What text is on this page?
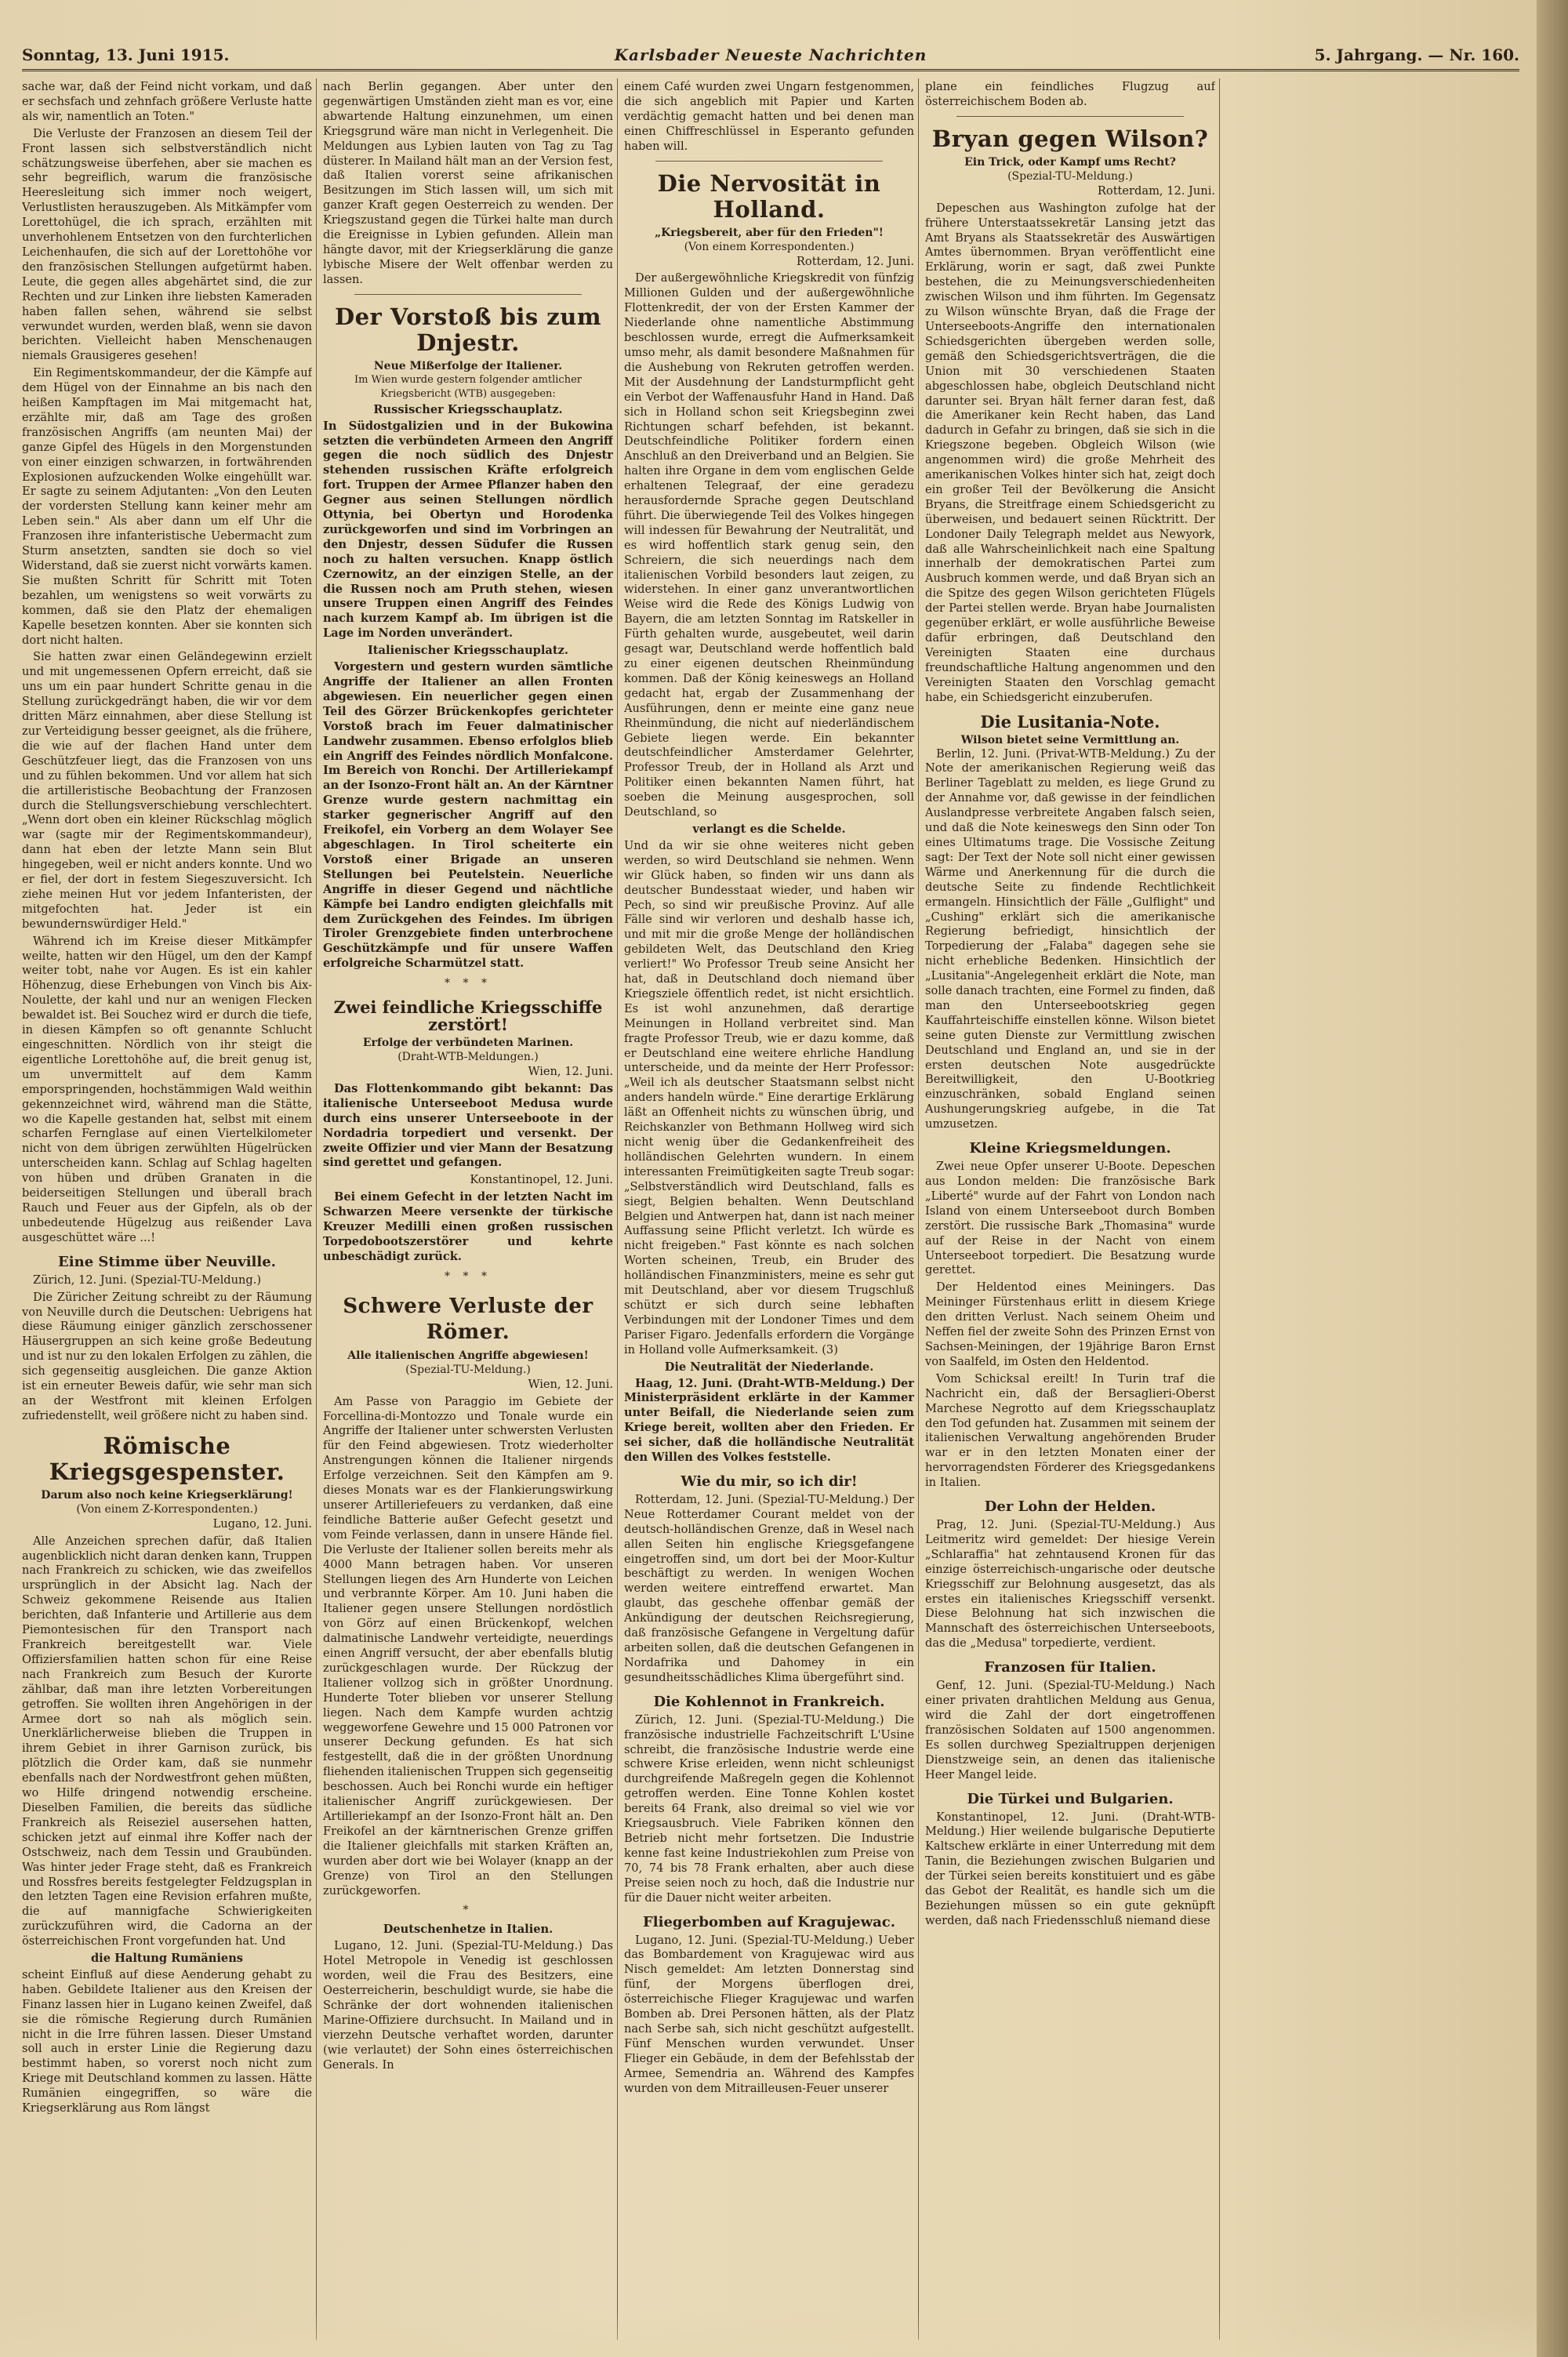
Sonntag, 13. Juni 1915.	Karlsbader Neueste Nachrichten	5. Jahrgang. — Nr. 160.

sache war, daß der Feind nicht vorkam, und daß er sechsfach und zehnfach größere Verluste hatte als wir, namentlich an Toten."

Die Verluste der Franzosen an diesem Teil der Front lassen sich selbstverständlich nicht schätzungsweise überfehen, aber sie machen es sehr begreiflich, warum die französische Heeresleitung sich immer noch weigert, Verlustlisten herauszugeben. Als Mitkämpfer vom Lorettohügel, die ich sprach, erzählten mit unverhohlenem Entsetzen von den furchterlichen Leichenhaufen, die sich auf der Lorettohöhe vor den französischen Stellungen aufgetürmt haben. Leute, die gegen alles abgehärtet sind, die zur Rechten und zur Linken ihre liebsten Kameraden haben fallen sehen, während sie selbst verwundet wurden, werden blaß, wenn sie davon berichten. Vielleicht haben Menschenaugen niemals Grausigeres gesehen!

Ein Regimentskommandeur, der die Kämpfe auf dem Hügel von der Einnahme an bis nach den heißen Kampftagen im Mai mitgemacht hat, erzählte mir, daß am Tage des großen französischen Angriffs (am neunten Mai) der ganze Gipfel des Hügels in den Morgenstunden von einer einzigen schwarzen, in fortwährenden Explosionen aufzuckenden Wolke eingehüllt war. Er sagte zu seinem Adjutanten: „Von den Leuten der vordersten Stellung kann keiner mehr am Leben sein." Als aber dann um elf Uhr die Franzosen ihre infanteristische Uebermacht zum Sturm ansetzten, sandten sie doch so viel Widerstand, daß sie zuerst nicht vorwärts kamen. Sie mußten Schritt für Schritt mit Toten bezahlen, um wenigstens so weit vorwärts zu kommen, daß sie den Platz der ehemaligen Kapelle besetzen konnten. Aber sie konnten sich dort nicht halten.

Sie hatten zwar einen Geländegewinn erzielt und mit ungemessenen Opfern erreicht, daß sie uns um ein paar hundert Schritte genau in die Stellung zurückgedrängt haben, die wir vor dem dritten März einnahmen, aber diese Stellung ist zur Verteidigung besser geeignet, als die frühere, die wie auf der flachen Hand unter dem Geschützfeuer liegt, das die Franzosen von uns und zu fühlen bekommen. Und vor allem hat sich die artilleristische Beobachtung der Franzosen durch die Stellungsverschiebung verschlechtert. „Wenn dort oben ein kleiner Rückschlag möglich war (sagte mir der Regimentskommandeur), dann hat eben der letzte Mann sein Blut hingegeben, weil er nicht anders konnte. Und wo er fiel, der dort in festem Siegeszuversicht. Ich ziehe meinen Hut vor jedem Infanteristen, der mitgefochten hat. Jeder ist ein bewundernswürdiger Held."

Während ich im Kreise dieser Mitkämpfer weilte, hatten wir den Hügel, um den der Kampf weiter tobt, nahe vor Augen. Es ist ein kahler Höhenzug, diese Erhebungen von Vinch bis Aix-Noulette, der kahl und nur an wenigen Flecken bewaldet ist. Bei Souchez wird er durch die tiefe, in diesen Kämpfen so oft genannte Schlucht eingeschnitten. Nördlich von ihr steigt die eigentliche Lorettohöhe auf, die breit genug ist, um unvermittelt auf dem Kamm emporspringenden, hochstämmigen Wald weithin gekennzeichnet wird, während man die Stätte, wo die Kapelle gestanden hat, selbst mit einem scharfen Fernglase auf einen Viertelkilometer nicht von dem übrigen zerwühlten Hügelrücken unterscheiden kann. Schlag auf Schlag hagelten von hüben und drüben Granaten in die beiderseitigen Stellungen und überall brach Rauch und Feuer aus der Gipfeln, als ob der unbedeutende Hügelzug aus reißender Lava ausgeschüttet wäre ...!

Eine Stimme über Neuville.

Zürich, 12. Juni. (Spezial-TU-Meldung.)

Die Züricher Zeitung schreibt zu der Räumung von Neuville durch die Deutschen: Uebrigens hat diese Räumung einiger gänzlich zerschossener Häusergruppen an sich keine große Bedeutung und ist nur zu den lokalen Erfolgen zu zählen, die sich gegenseitig ausgleichen. Die ganze Aktion ist ein erneuter Beweis dafür, wie sehr man sich an der Westfront mit kleinen Erfolgen zufriedenstellt, weil größere nicht zu haben sind.

Römische Kriegsgespenster.
Darum also noch keine Kriegserklärung!
(Von einem Z-Korrespondenten.)
Lugano, 12. Juni.

Alle Anzeichen sprechen dafür, daß Italien augenblicklich nicht daran denken kann, Truppen nach Frankreich zu schicken, wie das zweifellos ursprünglich in der Absicht lag. Nach der Schweiz gekommene Reisende aus Italien berichten, daß Infanterie und Artillerie aus dem Piemontesischen für den Transport nach Frankreich bereitgestellt war. Viele Offiziersfamilien hatten schon für eine Reise nach Frankreich zum Besuch der Kurorte zählbar, daß man ihre letzten Vorbereitungen getroffen. Sie wollten ihren Angehörigen in der Armee dort so nah als möglich sein. Unerklärlicherweise blieben die Truppen in ihrem Gebiet in ihrer Garnison zurück, bis plötzlich die Order kam, daß sie nunmehr ebenfalls nach der Nordwestfront gehen müßten, wo Hilfe dringend notwendig erscheine. Dieselben Familien, die bereits das südliche Frankreich als Reiseziel ausersehen hatten, schicken jetzt auf einmal ihre Koffer nach der Ostschweiz, nach dem Tessin und Graubünden. Was hinter jeder Frage steht, daß es Frankreich und Rossfres bereits festgelegter Feldzugsplan in den letzten Tagen eine Revision erfahren mußte, die auf mannigfache Schwierigkeiten zurückzuführen wird, die Cadorna an der österreichischen Front vorgefunden hat. Und

die Haltung Rumäniens

scheint Einfluß auf diese Aenderung gehabt zu haben. Gebildete Italiener aus den Kreisen der Finanz lassen hier in Lugano keinen Zweifel, daß sie die römische Regierung durch Rumänien nicht in die Irre führen lassen. Dieser Umstand soll auch in erster Linie die Regierung dazu bestimmt haben, so vorerst noch nicht zum Kriege mit Deutschland kommen zu lassen. Hätte Rumänien eingegriffen, so wäre die Kriegserklärung aus Rom längst

nach Berlin gegangen. Aber unter den gegenwärtigen Umständen zieht man es vor, eine abwartende Haltung einzunehmen, um einen Kriegsgrund wäre man nicht in Verlegenheit. Die Meldungen aus Lybien lauten von Tag zu Tag düsterer. In Mailand hält man an der Version fest, daß Italien vorerst seine afrikanischen Besitzungen im Stich lassen will, um sich mit ganzer Kraft gegen Oesterreich zu wenden. Der Kriegszustand gegen die Türkei halte man durch die Ereignisse in Lybien gefunden. Allein man hängte davor, mit der Kriegserklärung die ganze lybische Misere der Welt offenbar werden zu lassen.

Der Vorstoß bis zum Dnjestr.
Neue Mißerfolge der Italiener.
Im Wien wurde gestern folgender amtlicher Kriegsbericht (WTB) ausgegeben:
Russischer Kriegsschauplatz.

In Südostgalizien und in der Bukowina setzten die verbündeten Armeen den Angriff gegen die noch südlich des Dnjestr stehenden russischen Kräfte erfolgreich fort. Truppen der Armee Pflanzer haben den Gegner aus seinen Stellungen nördlich Ottynia, bei Obertyn und Horodenka zurückgeworfen und sind im Vorbringen an den Dnjestr, dessen Südufer die Russen noch zu halten versuchen. Knapp östlich Czernowitz, an der einzigen Stelle, an der die Russen noch am Pruth stehen, wiesen unsere Truppen einen Angriff des Feindes nach kurzem Kampf ab. Im übrigen ist die Lage im Norden unverändert.

Italienischer Kriegsschauplatz.

Vorgestern und gestern wurden sämtliche Angriffe der Italiener an allen Fronten abgewiesen. Ein neuerlicher gegen einen Teil des Görzer Brückenkopfes gerichteter Vorstoß brach im Feuer dalmatinischer Landwehr zusammen. Ebenso erfolglos blieb ein Angriff des Feindes nördlich Monfalcone. Im Bereich von Ronchi. Der Artilleriekampf an der Isonzo-Front hält an. An der Kärntner Grenze wurde gestern nachmittag ein starker gegnerischer Angriff auf den Freikofel, ein Vorberg an dem Wolayer See abgeschlagen. In Tirol scheiterte ein Vorstoß einer Brigade an unseren Stellungen bei Peutelstein. Neuerliche Angriffe in dieser Gegend und nächtliche Kämpfe bei Landro endigten gleichfalls mit dem Zurückgehen des Feindes. Im übrigen Tiroler Grenzgebiete finden unterbrochene Geschützkämpfe und für unsere Waffen erfolgreiche Scharmützel statt.

* * *
Zwei feindliche Kriegsschiffe zerstört!
Erfolge der verbündeten Marinen.
(Draht-WTB-Meldungen.)
Wien, 12. Juni.

Das Flottenkommando gibt bekannt: Das italienische Unterseeboot Medusa wurde durch eins unserer Unterseeboote in der Nordadria torpediert und versenkt. Der zweite Offizier und vier Mann der Besatzung sind gerettet und gefangen.

Konstantinopel, 12. Juni.

Bei einem Gefecht in der letzten Nacht im Schwarzen Meere versenkte der türkische Kreuzer Medilli einen großen russischen Torpedobootszerstörer und kehrte unbeschädigt zurück.

* * *
Schwere Verluste der Römer.
Alle italienischen Angriffe abgewiesen!
(Spezial-TU-Meldung.)
Wien, 12. Juni.

Am Passe von Paraggio im Gebiete der Forcellina-di-Montozzo und Tonale wurde ein Angriffe der Italiener unter schwersten Verlusten für den Feind abgewiesen. Trotz wiederholter Anstrengungen können die Italiener nirgends Erfolge verzeichnen. Seit den Kämpfen am 9. dieses Monats war es der Flankierungswirkung unserer Artilleriefeuers zu verdanken, daß eine feindliche Batterie außer Gefecht gesetzt und vom Feinde verlassen, dann in unsere Hände fiel. Die Verluste der Italiener sollen bereits mehr als 4000 Mann betragen haben. Vor unseren Stellungen liegen des Arn Hunderte von Leichen und verbrannte Körper. Am 10. Juni haben die Italiener gegen unsere Stellungen nordöstlich von Görz auf einen Brückenkopf, welchen dalmatinische Landwehr verteidigte, neuerdings einen Angriff versucht, der aber ebenfalls blutig zurückgeschlagen wurde. Der Rückzug der Italiener vollzog sich in größter Unordnung. Hunderte Toter blieben vor unserer Stellung liegen. Nach dem Kampfe wurden achtzig weggeworfene Gewehre und 15 000 Patronen vor unserer Deckung gefunden. Es hat sich festgestellt, daß die in der größten Unordnung fliehenden italienischen Truppen sich gegenseitig beschossen. Auch bei Ronchi wurde ein heftiger italienischer Angriff zurückgewiesen. Der Artilleriekampf an der Isonzo-Front hält an. Den Freikofel an der kärntnerischen Grenze griffen die Italiener gleichfalls mit starken Kräften an, wurden aber dort wie bei Wolayer (knapp an der Grenze) von Tirol an den Stellungen zurückgeworfen.

*
Deutschenhetze in Italien.

Lugano, 12. Juni. (Spezial-TU-Meldung.) Das Hotel Metropole in Venedig ist geschlossen worden, weil die Frau des Besitzers, eine Oesterreicherin, beschuldigt wurde, sie habe die Schränke der dort wohnenden italienischen Marine-Offiziere durchsucht. In Mailand und in vierzehn Deutsche verhaftet worden, darunter (wie verlautet) der Sohn eines österreichischen Generals. In

einem Café wurden zwei Ungarn festgenommen, die sich angeblich mit Papier und Karten verdächtig gemacht hatten und bei denen man einen Chiffreschlüssel in Esperanto gefunden haben will.

Die Nervosität in Holland.
„Kriegsbereit, aber für den Frieden"!
(Von einem Korrespondenten.)
Rotterdam, 12. Juni.

Der außergewöhnliche Kriegskredit von fünfzig Millionen Gulden und der außergewöhnliche Flottenkredit, der von der Ersten Kammer der Niederlande ohne namentliche Abstimmung beschlossen wurde, erregt die Aufmerksamkeit umso mehr, als damit besondere Maßnahmen für die Aushebung von Rekruten getroffen werden. Mit der Ausdehnung der Landsturmpflicht geht ein Verbot der Waffenausfuhr Hand in Hand. Daß sich in Holland schon seit Kriegsbeginn zwei Richtungen scharf befehden, ist bekannt. Deutschfeindliche Politiker fordern einen Anschluß an den Dreiverband und an Belgien. Sie halten ihre Organe in dem vom englischen Gelde erhaltenen Telegraaf, der eine geradezu herausfordernde Sprache gegen Deutschland führt. Die überwiegende Teil des Volkes hingegen will indessen für Bewahrung der Neutralität, und es wird hoffentlich stark genug sein, den Schreiern, die sich neuerdings nach dem italienischen Vorbild besonders laut zeigen, zu widerstehen. In einer ganz unverantwortlichen Weise wird die Rede des Königs Ludwig von Bayern, die am letzten Sonntag im Ratskeller in Fürth gehalten wurde, ausgebeutet, weil darin gesagt war, Deutschland werde hoffentlich bald zu einer eigenen deutschen Rheinmündung kommen. Daß der König keineswegs an Holland gedacht hat, ergab der Zusammenhang der Ausführungen, denn er meinte eine ganz neue Rheinmündung, die nicht auf niederländischem Gebiete liegen werde. Ein bekannter deutschfeindlicher Amsterdamer Gelehrter, Professor Treub, der in Holland als Arzt und Politiker einen bekannten Namen führt, hat soeben die Meinung ausgesprochen, soll Deutschland, so

verlangt es die Schelde.

Und da wir sie ohne weiteres nicht geben werden, so wird Deutschland sie nehmen. Wenn wir Glück haben, so finden wir uns dann als deutscher Bundesstaat wieder, und haben wir Pech, so sind wir preußische Provinz. Auf alle Fälle sind wir verloren und deshalb hasse ich, und mit mir die große Menge der holländischen gebildeten Welt, das Deutschland den Krieg verliert!" Wo Professor Treub seine Ansicht her hat, daß in Deutschland doch niemand über Kriegsziele öffentlich redet, ist nicht ersichtlich. Es ist wohl anzunehmen, daß derartige Meinungen in Holland verbreitet sind. Man fragte Professor Treub, wie er dazu komme, daß er Deutschland eine weitere ehrliche Handlung unterscheide, und da meinte der Herr Professor: „Weil ich als deutscher Staatsmann selbst nicht anders handeln würde." Eine derartige Erklärung läßt an Offenheit nichts zu wünschen übrig, und Reichskanzler von Bethmann Hollweg wird sich nicht wenig über die Gedankenfreiheit des holländischen Gelehrten wundern. In einem interessanten Freimütigkeiten sagte Treub sogar: „Selbstverständlich wird Deutschland, falls es siegt, Belgien behalten. Wenn Deutschland Belgien und Antwerpen hat, dann ist nach meiner Auffassung seine Pflicht verletzt. Ich würde es nicht freigeben." Fast könnte es nach solchen Worten scheinen, Treub, ein Bruder des holländischen Finanzministers, meine es sehr gut mit Deutschland, aber vor diesem Trugschluß schützt er sich durch seine lebhaften Verbindungen mit der Londoner Times und dem Pariser Figaro. Jedenfalls erfordern die Vorgänge in Holland volle Aufmerksamkeit. (3)

Die Neutralität der Niederlande.

Haag, 12. Juni. (Draht-WTB-Meldung.) Der Ministerpräsident erklärte in der Kammer unter Beifall, die Niederlande seien zum Kriege bereit, wollten aber den Frieden. Er sei sicher, daß die holländische Neutralität den Willen des Volkes feststelle.

Wie du mir, so ich dir!

Rotterdam, 12. Juni. (Spezial-TU-Meldung.) Der Neue Rotterdamer Courant meldet von der deutsch-holländischen Grenze, daß in Wesel nach allen Seiten hin englische Kriegsgefangene eingetroffen sind, um dort bei der Moor-Kultur beschäftigt zu werden. In wenigen Wochen werden weitere eintreffend erwartet. Man glaubt, das geschehe offenbar gemäß der Ankündigung der deutschen Reichsregierung, daß französische Gefangene in Vergeltung dafür arbeiten sollen, daß die deutschen Gefangenen in Nordafrika und Dahomey in ein gesundheitsschädliches Klima übergeführt sind.

Die Kohlennot in Frankreich.

Zürich, 12. Juni. (Spezial-TU-Meldung.) Die französische industrielle Fachzeitschrift L'Usine schreibt, die französische Industrie werde eine schwere Krise erleiden, wenn nicht schleunigst durchgreifende Maßregeln gegen die Kohlennot getroffen werden. Eine Tonne Kohlen kostet bereits 64 Frank, also dreimal so viel wie vor Kriegsausbruch. Viele Fabriken können den Betrieb nicht mehr fortsetzen. Die Industrie kenne fast keine Industriekohlen zum Preise von 70, 74 bis 78 Frank erhalten, aber auch diese Preise seien noch zu hoch, daß die Industrie nur für die Dauer nicht weiter arbeiten.

Fliegerbomben auf Kragujewac.

Lugano, 12. Juni. (Spezial-TU-Meldung.) Ueber das Bombardement von Kragujewac wird aus Nisch gemeldet: Am letzten Donnerstag sind fünf, der Morgens überflogen drei, österreichische Flieger Kragujewac und warfen Bomben ab. Drei Personen hätten, als der Platz nach Serbe sah, sich nicht geschützt aufgestellt. Fünf Menschen wurden verwundet. Unser Flieger ein Gebäude, in dem der Befehlsstab der Armee, Semendria an. Während des Kampfes wurden von dem Mitrailleusen-Feuer unserer

plane ein feindliches Flugzug auf österreichischem Boden ab.

Bryan gegen Wilson?
Ein Trick, oder Kampf ums Recht?
(Spezial-TU-Meldung.)
Rotterdam, 12. Juni.

Depeschen aus Washington zufolge hat der frühere Unterstaatssekretär Lansing jetzt das Amt Bryans als Staatssekretär des Auswärtigen Amtes übernommen. Bryan veröffentlicht eine Erklärung, worin er sagt, daß zwei Punkte bestehen, die zu Meinungsverschiedenheiten zwischen Wilson und ihm führten. Im Gegensatz zu Wilson wünschte Bryan, daß die Frage der Unterseeboots-Angriffe den internationalen Schiedsgerichten übergeben werden solle, gemäß den Schiedsgerichtsverträgen, die die Union mit 30 verschiedenen Staaten abgeschlossen habe, obgleich Deutschland nicht darunter sei. Bryan hält ferner daran fest, daß die Amerikaner kein Recht haben, das Land dadurch in Gefahr zu bringen, daß sie sich in die Kriegszone begeben. Obgleich Wilson (wie angenommen wird) die große Mehrheit des amerikanischen Volkes hinter sich hat, zeigt doch ein großer Teil der Bevölkerung die Ansicht Bryans, die Streitfrage einem Schiedsgericht zu überweisen, und bedauert seinen Rücktritt. Der Londoner Daily Telegraph meldet aus Newyork, daß alle Wahrscheinlichkeit nach eine Spaltung innerhalb der demokratischen Partei zum Ausbruch kommen werde, und daß Bryan sich an die Spitze des gegen Wilson gerichteten Flügels der Partei stellen werde. Bryan habe Journalisten gegenüber erklärt, er wolle ausführliche Beweise dafür erbringen, daß Deutschland den Vereinigten Staaten eine durchaus freundschaftliche Haltung angenommen und den Vereinigten Staaten den Vorschlag gemacht habe, ein Schiedsgericht einzuberufen.

Die Lusitania-Note.
Wilson bietet seine Vermittlung an.

Berlin, 12. Juni. (Privat-WTB-Meldung.) Zu der Note der amerikanischen Regierung weiß das Berliner Tageblatt zu melden, es liege Grund zu der Annahme vor, daß gewisse in der feindlichen Auslandpresse verbreitete Angaben falsch seien, und daß die Note keineswegs den Sinn oder Ton eines Ultimatums trage. Die Vossische Zeitung sagt: Der Text der Note soll nicht einer gewissen Wärme und Anerkennung für die durch die deutsche Seite zu findende Rechtlichkeit ermangeln. Hinsichtlich der Fälle „Gulflight" und „Cushing" erklärt sich die amerikanische Regierung befriedigt, hinsichtlich der Torpedierung der „Falaba" dagegen sehe sie nicht erhebliche Bedenken. Hinsichtlich der „Lusitania"-Angelegenheit erklärt die Note, man solle danach trachten, eine Formel zu finden, daß man den Unterseebootskrieg gegen Kauffahrteischiffe einstellen könne. Wilson bietet seine guten Dienste zur Vermittlung zwischen Deutschland und England an, und sie in der ersten deutschen Note ausgedrückte Bereitwilligkeit, den U-Bootkrieg einzuschränken, sobald England seinen Aushungerungskrieg aufgebe, in die Tat umzusetzen.

Kleine Kriegsmeldungen.

Zwei neue Opfer unserer U-Boote. Depeschen aus London melden: Die französische Bark „Liberté" wurde auf der Fahrt von London nach Island von einem Unterseeboot durch Bomben zerstört. Die russische Bark „Thomasina" wurde auf der Reise in der Nacht von einem Unterseeboot torpediert. Die Besatzung wurde gerettet.

Der Heldentod eines Meiningers. Das Meininger Fürstenhaus erlitt in diesem Kriege den dritten Verlust. Nach seinem Oheim und Neffen fiel der zweite Sohn des Prinzen Ernst von Sachsen-Meiningen, der 19jährige Baron Ernst von Saalfeld, im Osten den Heldentod.

Vom Schicksal ereilt! In Turin traf die Nachricht ein, daß der Bersaglieri-Oberst Marchese Negrotto auf dem Kriegsschauplatz den Tod gefunden hat. Zusammen mit seinem der italienischen Verwaltung angehörenden Bruder war er in den letzten Monaten einer der hervorragendsten Förderer des Kriegsgedankens in Italien.

Der Lohn der Helden.

Prag, 12. Juni. (Spezial-TU-Meldung.) Aus Leitmeritz wird gemeldet: Der hiesige Verein „Schlaraffia" hat zehntausend Kronen für das einzige österreichisch-ungarische oder deutsche Kriegsschiff zur Belohnung ausgesetzt, das als erstes ein italienisches Kriegsschiff versenkt. Diese Belohnung hat sich inzwischen die Mannschaft des österreichischen Unterseeboots, das die „Medusa" torpedierte, verdient.

Franzosen für Italien.

Genf, 12. Juni. (Spezial-TU-Meldung.) Nach einer privaten drahtlichen Meldung aus Genua, wird die Zahl der dort eingetroffenen französischen Soldaten auf 1500 angenommen. Es sollen durchweg Spezialtruppen derjenigen Dienstzweige sein, an denen das italienische Heer Mangel leide.

Die Türkei und Bulgarien.

Konstantinopel, 12. Juni. (Draht-WTB-Meldung.) Hier weilende bulgarische Deputierte Kaltschew erklärte in einer Unterredung mit dem Tanin, die Beziehungen zwischen Bulgarien und der Türkei seien bereits konstituiert und es gäbe das Gebot der Realität, es handle sich um die Beziehungen müssen so ein gute geknüpft werden, daß nach Friedensschluß niemand diese
